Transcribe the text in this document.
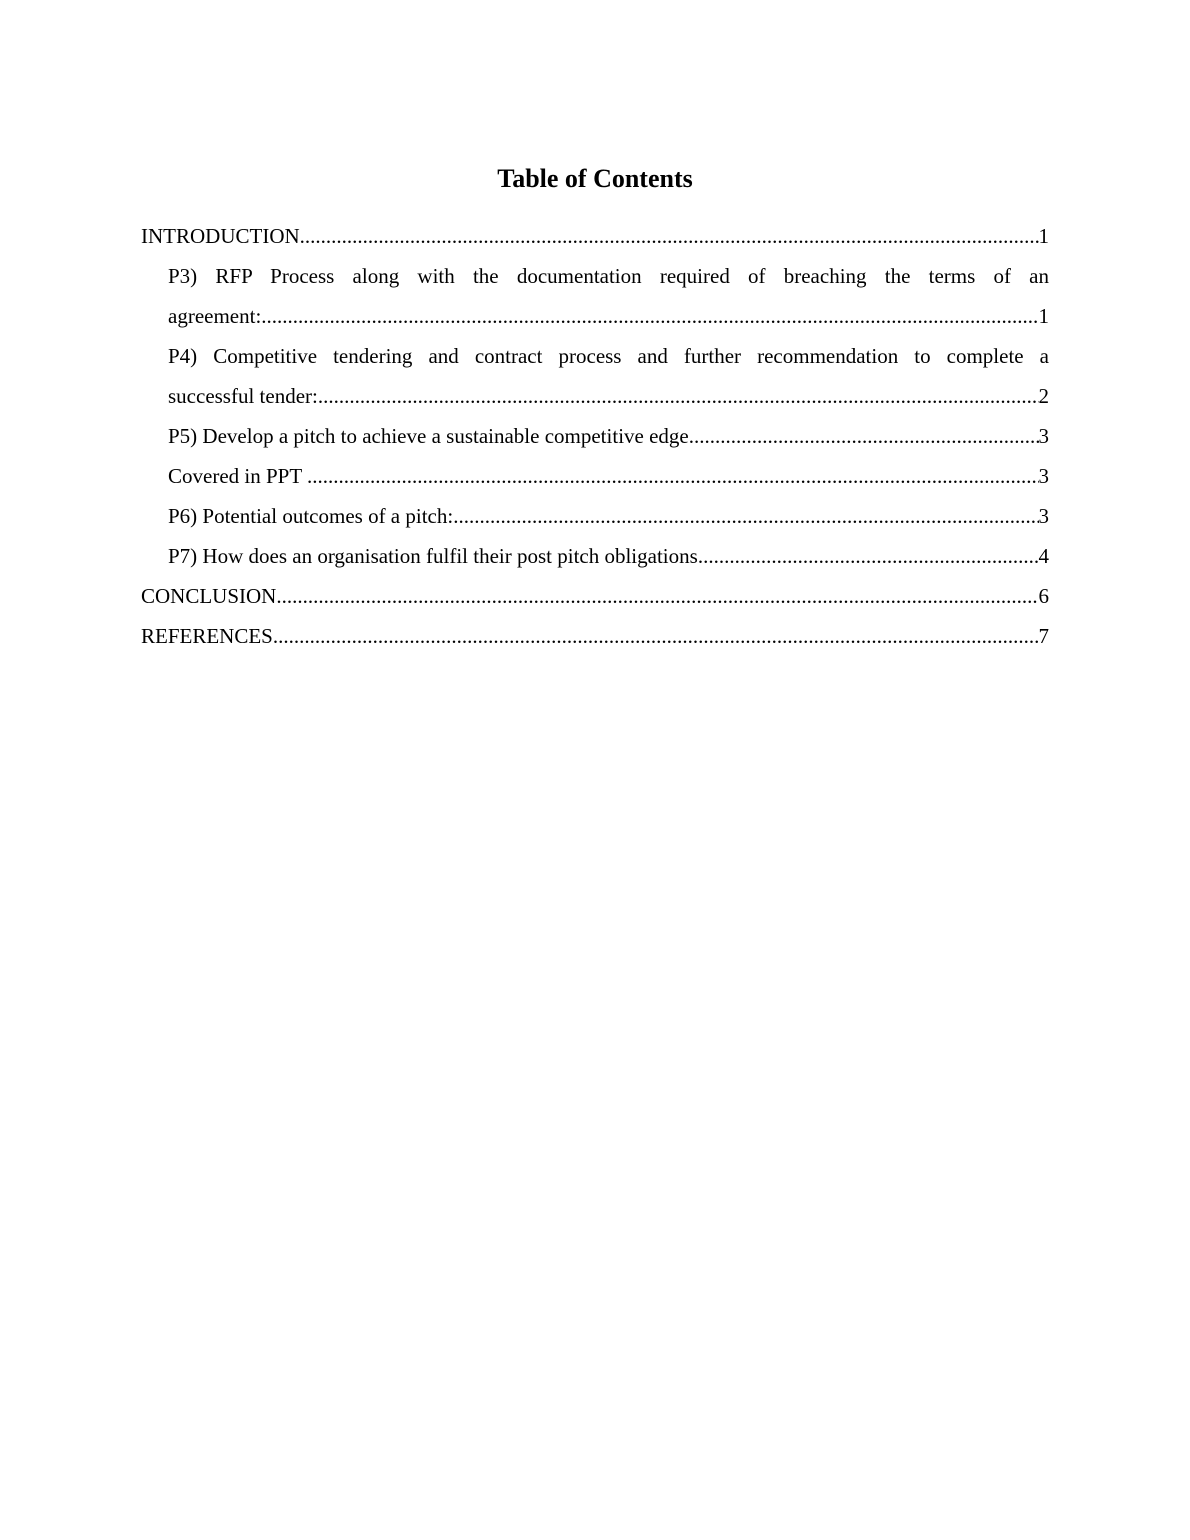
Table of Contents
INTRODUCTION .....	1
P3) RFP Process along with the documentation required of breaching the terms of an
agreement: .....	1
P4) Competitive tendering and contract process and further recommendation to complete a
successful tender: .....	2
P5) Develop a pitch to achieve a sustainable competitive edge .....	3
Covered in PPT .....	3
P6) Potential outcomes of a pitch: .....	3
P7) How does an organisation fulfil their post pitch obligations .....	4
CONCLUSION .....	6
REFERENCES .....	7
